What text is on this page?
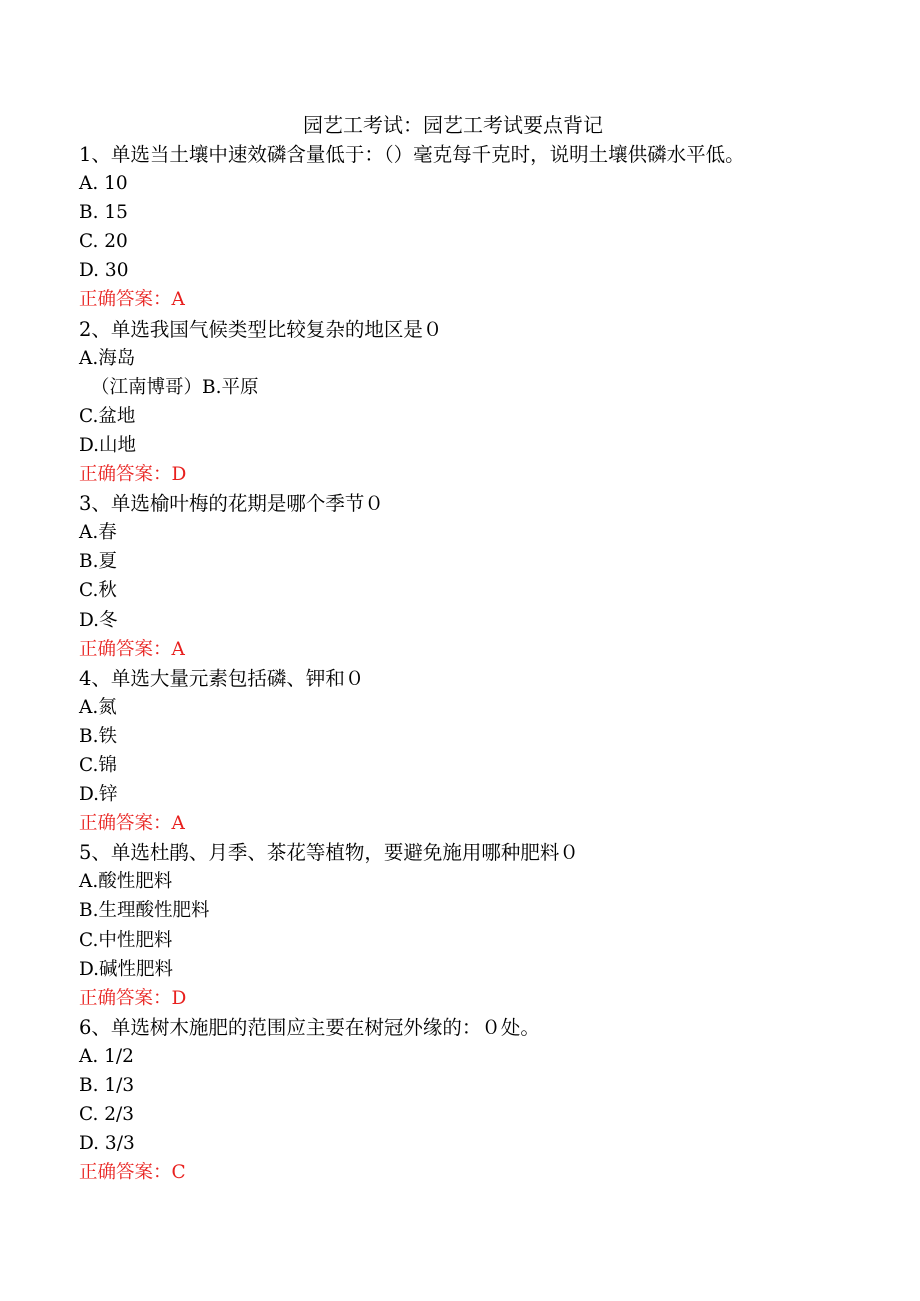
园艺工考试：园艺工考试要点背记
1、单选当土壤中速效磷含量低于：（）毫克每千克时，说明土壤供磷水平低。
A. 10
B. 15
C. 20
D. 30
正确答案：A
2、单选我国气候类型比较复杂的地区是０
A.海岛
（江南博哥）B.平原
C.盆地
D.山地
正确答案：D
3、单选榆叶梅的花期是哪个季节０
A.春
B.夏
C.秋
D.冬
正确答案：A
4、单选大量元素包括磷、钾和０
A.氮
B.铁
C.锦
D.锌
正确答案：A
5、单选杜鹃、月季、茶花等植物，要避免施用哪种肥料０
A.酸性肥料
B.生理酸性肥料
C.中性肥料
D.碱性肥料
正确答案：D
6、单选树木施肥的范围应主要在树冠外缘的：０处。
A. 1/2
B. 1/3
C. 2/3
D. 3/3
正确答案：C
